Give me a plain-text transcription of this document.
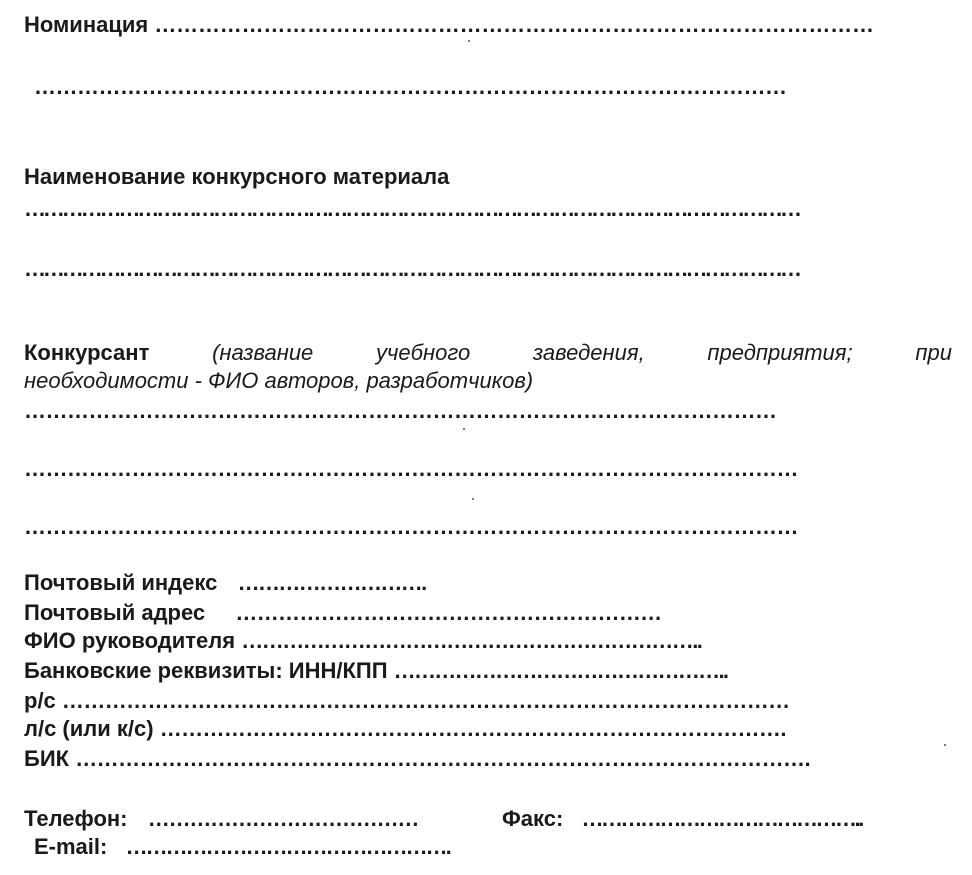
Номинация ………………………………………………………………………………………
……………………………………………………………………………………………
Наименование конкурсного материала
……………………………………………………………………………………………………………
……………………………………………………………………………………………………………
Конкурсант	(название	учебного	заведения,	предприятия;	при
необходимости - ФИО авторов, разработчиков)
……………………………………………………………………………………………
………………………………………………………………………………………………
………………………………………………………………………………………………
Почтовый индекс ……………………….
Почтовый адрес ……………………………………………………
ФИО руководителя …………………………………………………………..
Банковские реквизиты: ИНН/КПП …………………………………………..
р/с …………………………………………………………………………………………
л/с (или к/с) …………………………………………………………………………….
БИК ………………………………………………………………………………………….
Телефон: …………………………………	Факс: ……………………………………..
E-mail: ………………………………………….
